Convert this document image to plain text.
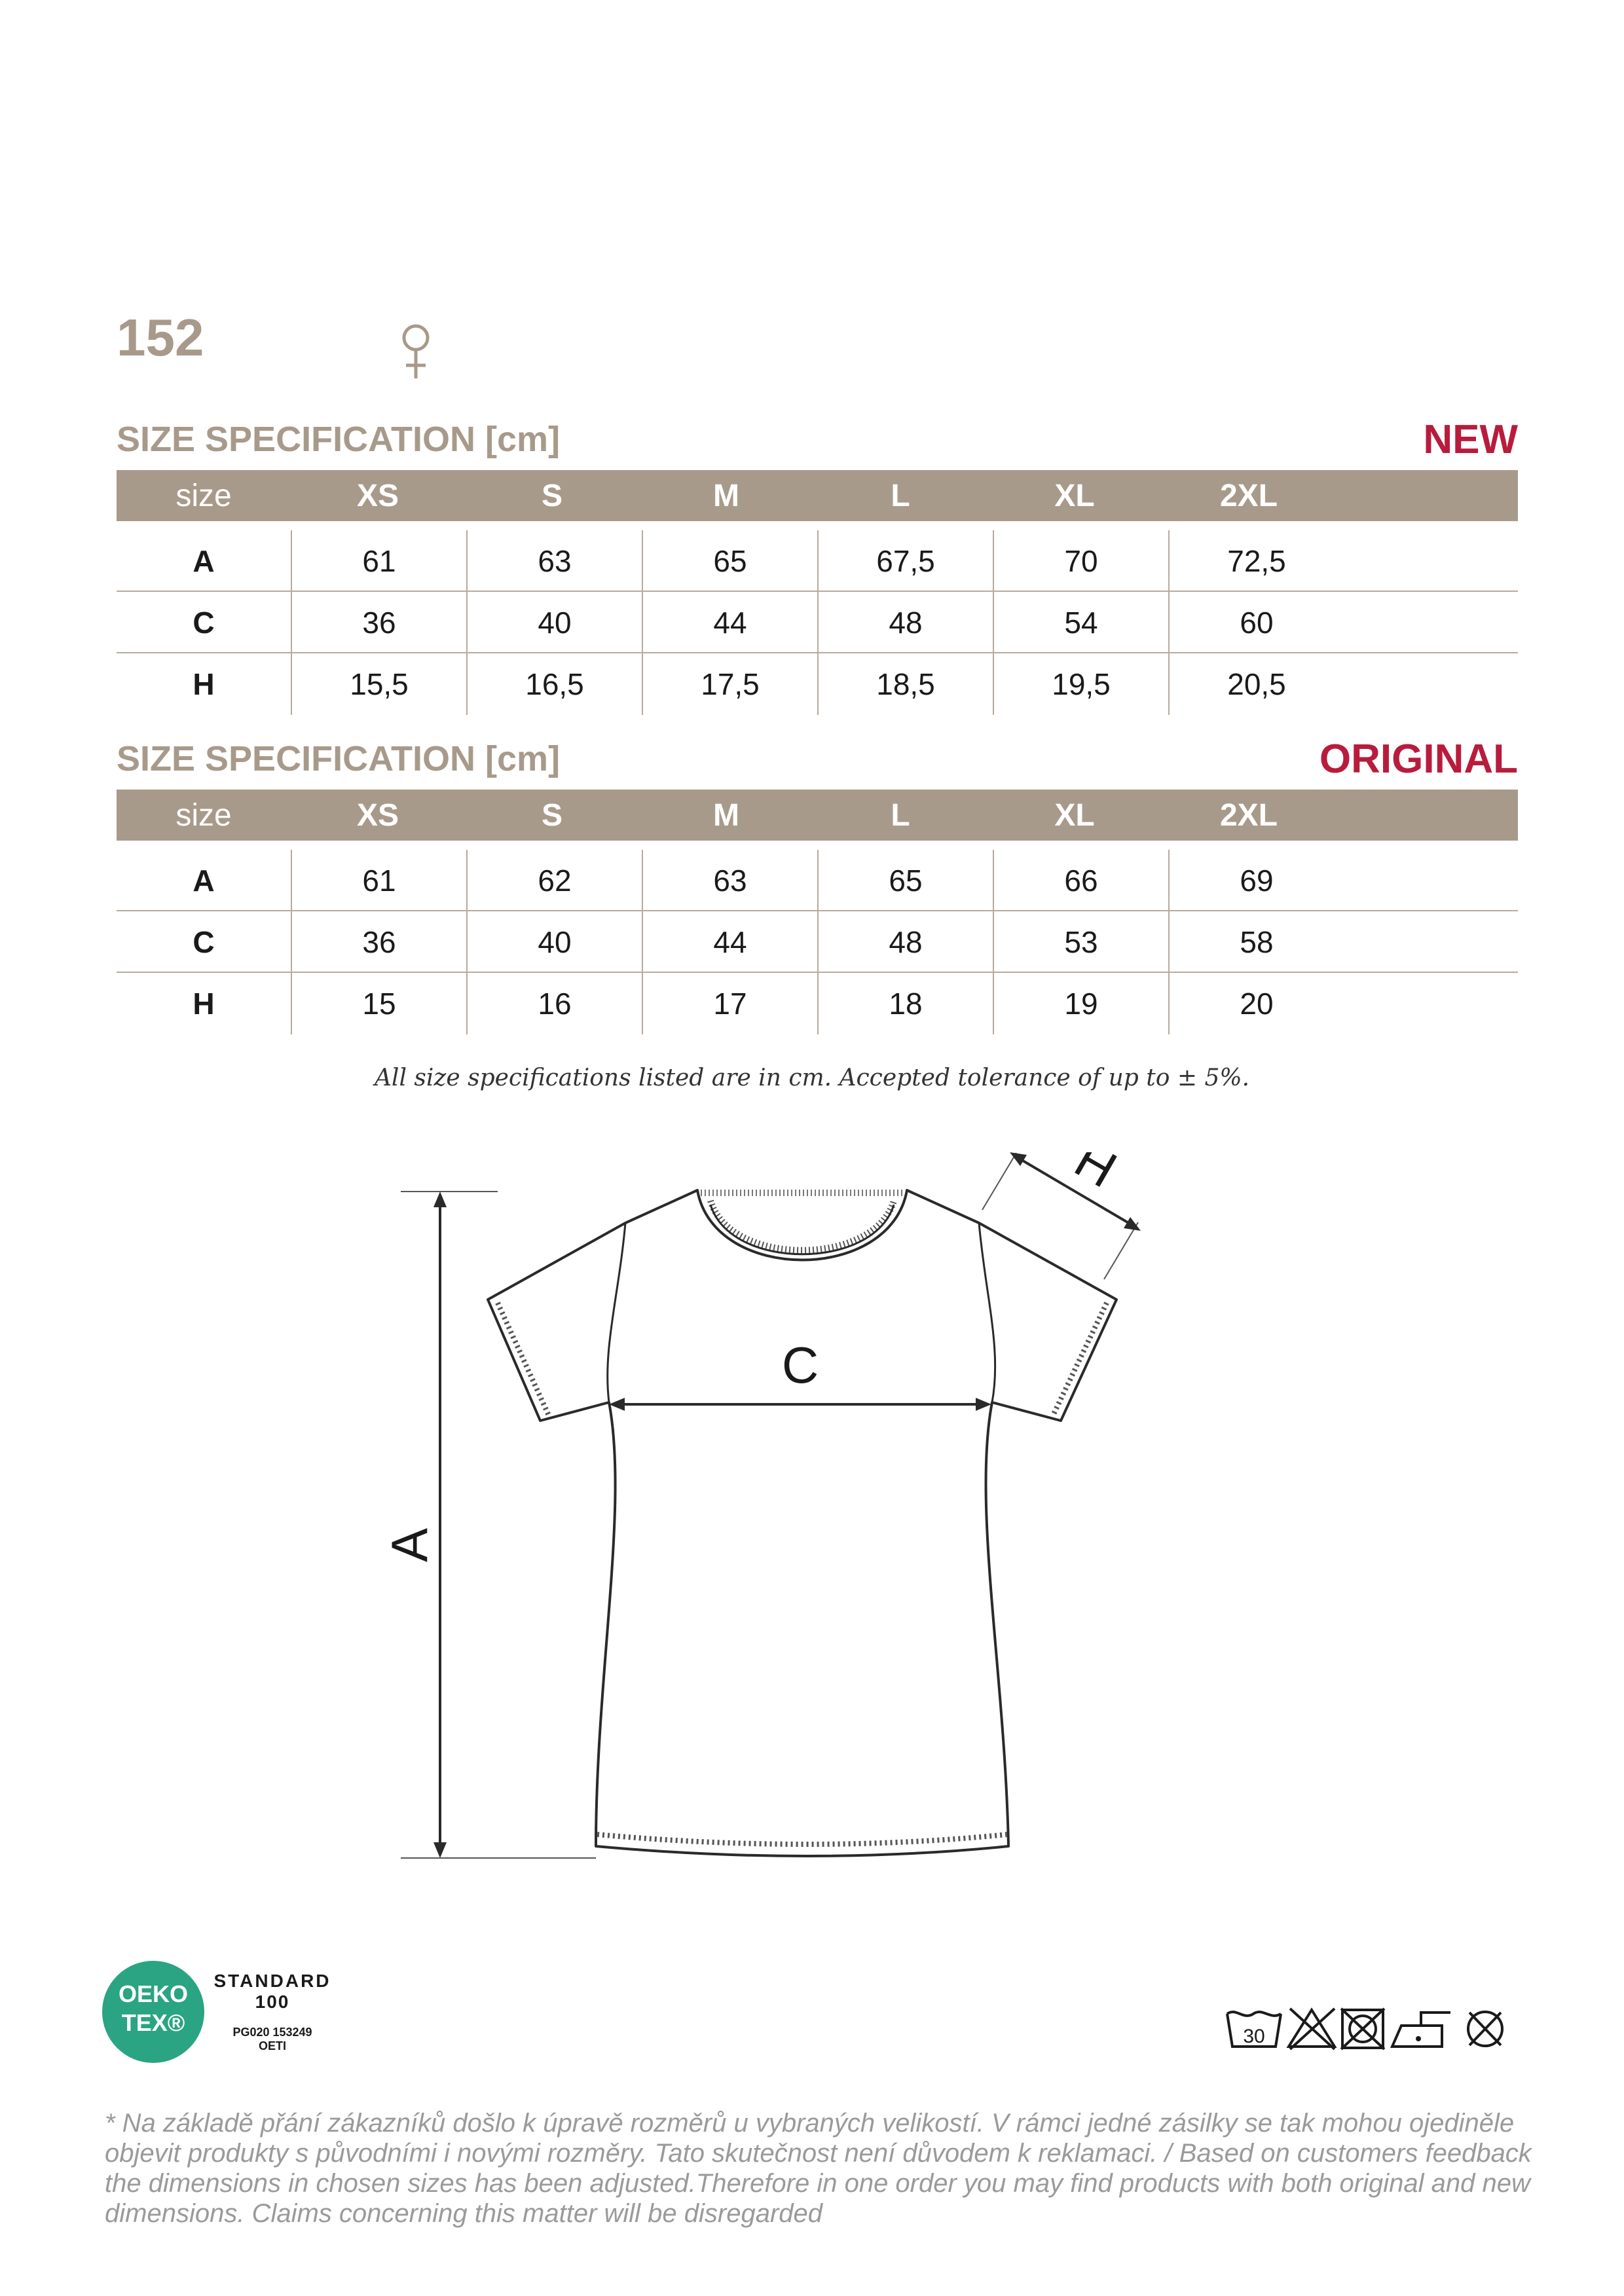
152
SIZE SPECIFICATION [cm]	NEW
size	XS	S	M	L	XL	2XL
A	61	63	65	67,5	70	72,5
C	36	40	44	48	54	60
H	15,5	16,5	17,5	18,5	19,5	20,5
SIZE SPECIFICATION [cm]	ORIGINAL
size	XS	S	M	L	XL	2XL
A	61	62	63	65	66	69
C	36	40	44	48	53	58
H	15	16	17	18	19	20
All size specifications listed are in cm. Accepted tolerance of up to ± 5%.
A
C
H
OEKO
TEX®
STANDARD
100
PG020 153249
OETI	30
* Na základě přání zákazníků došlo k úpravě rozměrů u vybraných velikostí. V rámci jedné zásilky se tak mohou ojediněle objevit produkty s původními i novými rozměry. Tato skutečnost není důvodem k reklamaci. / Based on customers feedback the dimensions in chosen sizes has been adjusted.Therefore in one order you may find products with both original and new dimensions. Claims concerning this matter will be disregarded
